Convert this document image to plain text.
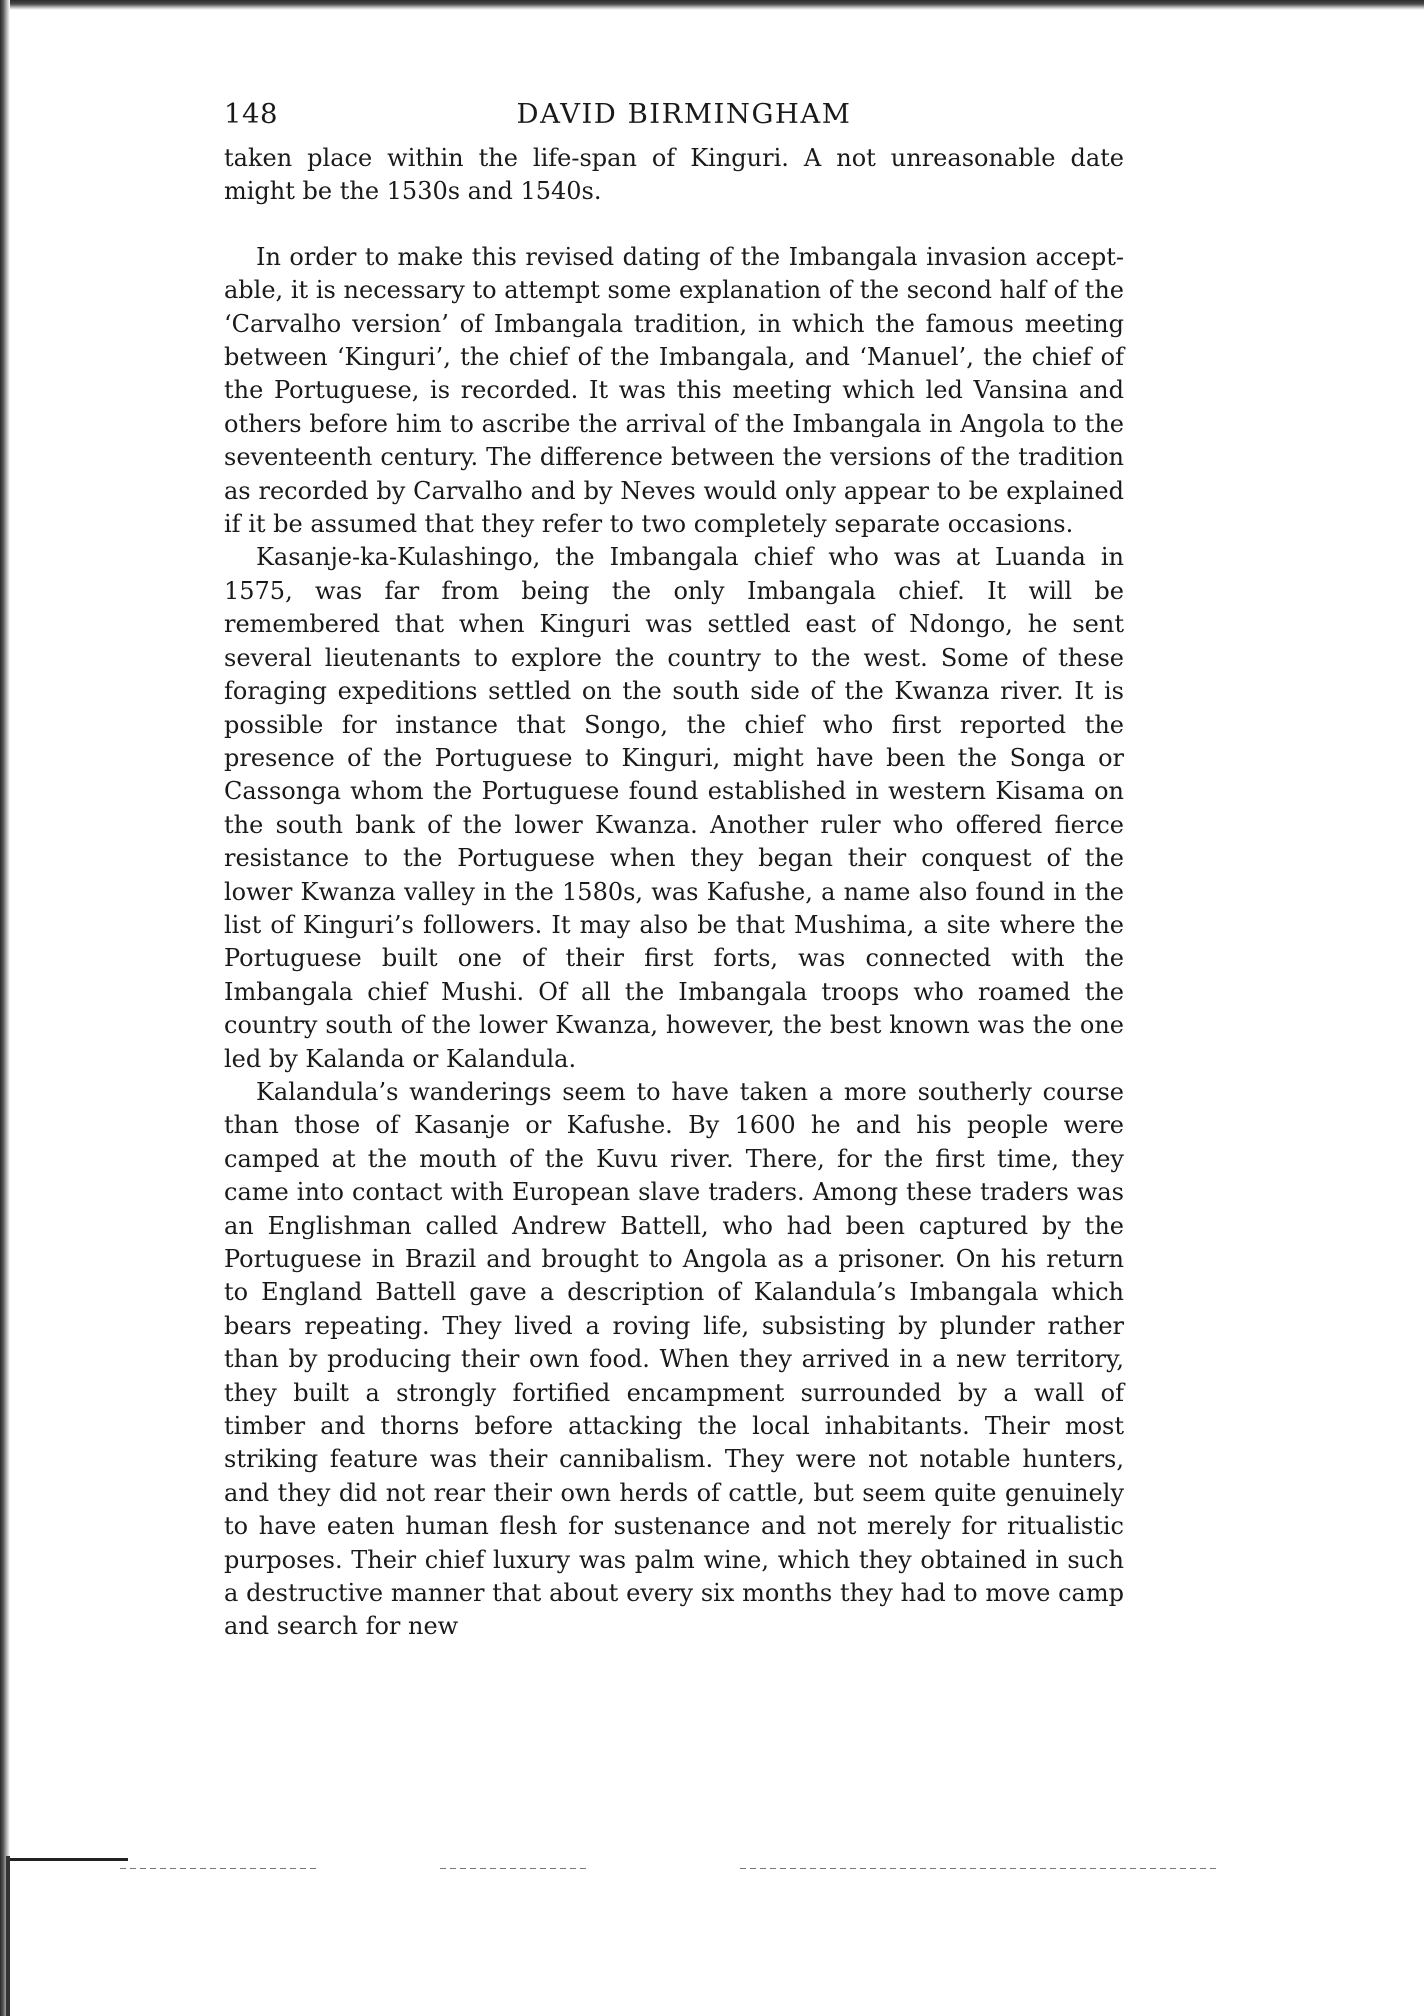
148	DAVID BIRMINGHAM

taken place within the life-span of Kinguri. A not unreasonable date might be the 1530s and 1540s.

In order to make this revised dating of the Imbangala invasion acceptable, it is necessary to attempt some explanation of the second half of the ‘Carvalho version’ of Imbangala tradition, in which the famous meeting between ‘Kinguri’, the chief of the Imbangala, and ‘Manuel’, the chief of the Portuguese, is recorded. It was this meeting which led Vansina and others before him to ascribe the arrival of the Imbangala in Angola to the seventeenth century. The difference between the versions of the tradition as recorded by Carvalho and by Neves would only appear to be explained if it be assumed that they refer to two completely separate occasions.

Kasanje-ka-Kulashingo, the Imbangala chief who was at Luanda in 1575, was far from being the only Imbangala chief. It will be remembered that when Kinguri was settled east of Ndongo, he sent several lieutenants to explore the country to the west. Some of these foraging expeditions settled on the south side of the Kwanza river. It is possible for instance that Songo, the chief who first reported the presence of the Portuguese to Kinguri, might have been the Songa or Cassonga whom the Portuguese found established in western Kisama on the south bank of the lower Kwanza. Another ruler who offered fierce resistance to the Portuguese when they began their conquest of the lower Kwanza valley in the 1580s, was Kafushe, a name also found in the list of Kinguri’s followers. It may also be that Mushima, a site where the Portuguese built one of their first forts, was connected with the Imbangala chief Mushi. Of all the Imbangala troops who roamed the country south of the lower Kwanza, however, the best known was the one led by Kalanda or Kalandula.

Kalandula’s wanderings seem to have taken a more southerly course than those of Kasanje or Kafushe. By 1600 he and his people were camped at the mouth of the Kuvu river. There, for the first time, they came into contact with European slave traders. Among these traders was an Englishman called Andrew Battell, who had been captured by the Portuguese in Brazil and brought to Angola as a prisoner. On his return to England Battell gave a description of Kalandula’s Imbangala which bears repeating. They lived a roving life, subsisting by plunder rather than by producing their own food. When they arrived in a new territory, they built a strongly fortified encampment surrounded by a wall of timber and thorns before attacking the local inhabitants. Their most striking feature was their cannibalism. They were not notable hunters, and they did not rear their own herds of cattle, but seem quite genuinely to have eaten human flesh for sustenance and not merely for ritualistic purposes. Their chief luxury was palm wine, which they obtained in such a destructive manner that about every six months they had to move camp and search for new
